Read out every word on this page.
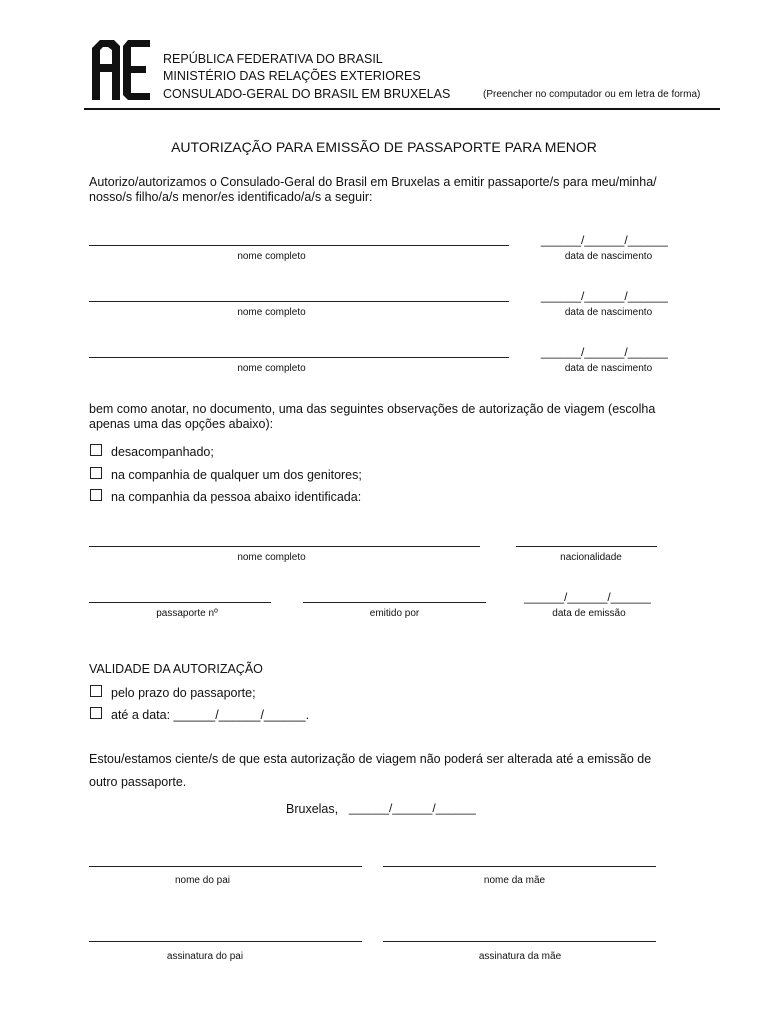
REPÚBLICA FEDERATIVA DO BRASIL
MINISTÉRIO DAS RELAÇÕES EXTERIORES
CONSULADO-GERAL DO BRASIL EM BRUXELAS	(Preencher no computador ou em letra de forma)
AUTORIZAÇÃO PARA EMISSÃO DE PASSAPORTE PARA MENOR
Autorizo/autorizamos o Consulado-Geral do Brasil em Bruxelas a emitir passaporte/s para meu/minha/
nosso/s filho/a/s menor/es identificado/a/s a seguir:
______/______/______
nome completo	data de nascimento
______/______/______
nome completo	data de nascimento
______/______/______
nome completo	data de nascimento
bem como anotar, no documento, uma das seguintes observações de autorização de viagem (escolha
apenas uma das opções abaixo):
desacompanhado;
na companhia de qualquer um dos genitores;
na companhia da pessoa abaixo identificada:
nome completo	nacionalidade
______/______/______
passaporte nº	emitido por	data de emissão
VALIDADE DA AUTORIZAÇÃO
pelo prazo do passaporte;
até a data: ______/______/______.
Estou/estamos ciente/s de que esta autorização de viagem não poderá ser alterada até a emissão de
outro passaporte.
Bruxelas, ______/______/______
nome do pai	nome da mãe
assinatura do pai	assinatura da mãe
